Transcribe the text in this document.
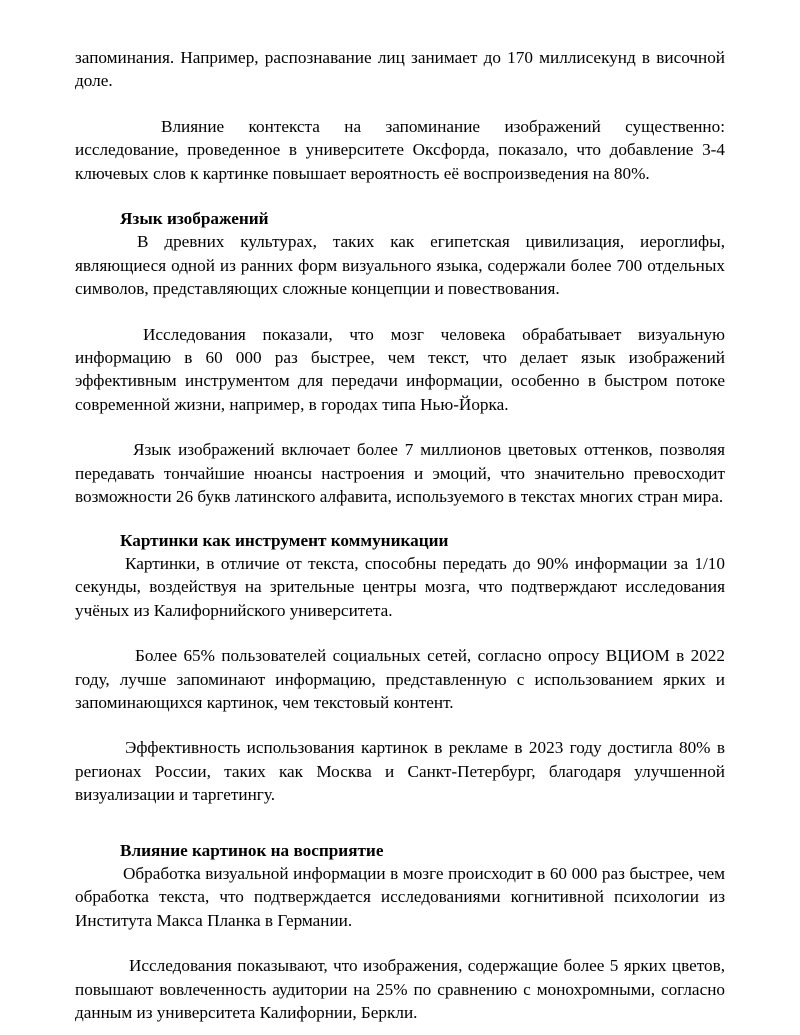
запоминания. Например, распознавание лиц занимает до 170 миллисекунд в височной доле.

Влияние контекста на запоминание изображений существенно: исследование, проведенное в университете Оксфорда, показало, что добавление 3-4 ключевых слов к картинке повышает вероятность её воспроизведения на 80%.

Язык изображений

В древних культурах, таких как египетская цивилизация, иероглифы, являющиеся одной из ранних форм визуального языка, содержали более 700 отдельных символов, представляющих сложные концепции и повествования.

Исследования показали, что мозг человека обрабатывает визуальную информацию в 60 000 раз быстрее, чем текст, что делает язык изображений эффективным инструментом для передачи информации, особенно в быстром потоке современной жизни, например, в городах типа Нью-Йорка.

Язык изображений включает более 7 миллионов цветовых оттенков, позволяя передавать тончайшие нюансы настроения и эмоций, что значительно превосходит возможности 26 букв латинского алфавита, используемого в текстах многих стран мира.

Картинки как инструмент коммуникации

Картинки, в отличие от текста, способны передать до 90% информации за 1/10 секунды, воздействуя на зрительные центры мозга, что подтверждают исследования учёных из Калифорнийского университета.

Более 65% пользователей социальных сетей, согласно опросу ВЦИОМ в 2022 году, лучше запоминают информацию, представленную с использованием ярких и запоминающихся картинок, чем текстовый контент.

Эффективность использования картинок в рекламе в 2023 году достигла 80% в регионах России, таких как Москва и Санкт-Петербург, благодаря улучшенной визуализации и таргетингу.

Влияние картинок на восприятие

Обработка визуальной информации в мозге происходит в 60 000 раз быстрее, чем обработка текста, что подтверждается исследованиями когнитивной психологии из Института Макса Планка в Германии.

Исследования показывают, что изображения, содержащие более 5 ярких цветов, повышают вовлеченность аудитории на 25% по сравнению с монохромными, согласно данным из университета Калифорнии, Беркли.
